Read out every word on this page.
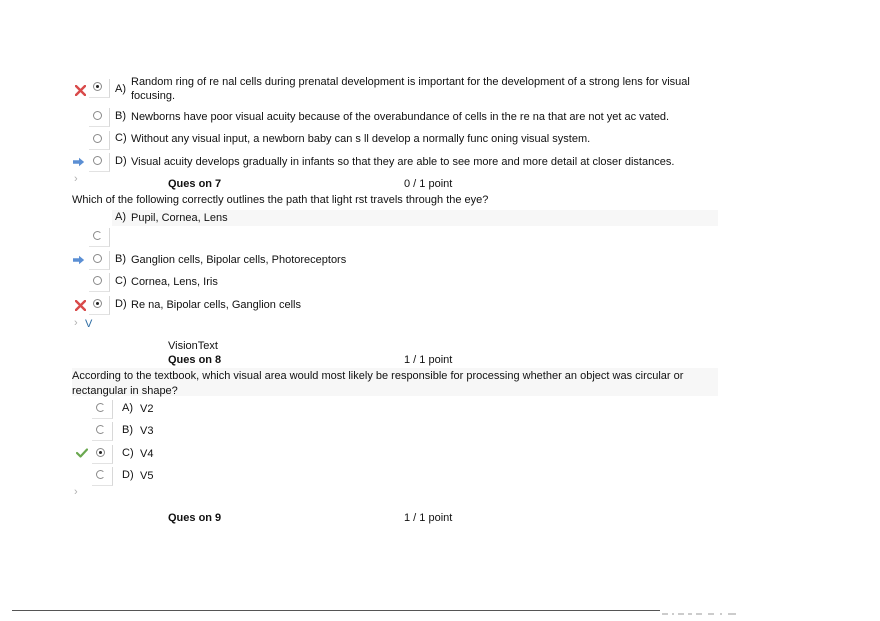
A)
Random ring of re nal cells during prenatal development is important for the development of a strong lens for visual
focusing.
B) Newborns have poor visual acuity because of the overabundance of cells in the re na that are not yet ac vated.
C) Without any visual input, a newborn baby can s ll develop a normally func oning visual system.
D) Visual acuity develops gradually in infants so that they are able to see more and more detail at closer distances.
›	Ques on 7	0 / 1 point
Which of the following correctly outlines the path that light rst travels through the eye?
A) Pupil, Cornea, Lens
B) Ganglion cells, Bipolar cells, Photoreceptors
C) Cornea, Lens, Iris
D) Re na, Bipolar cells, Ganglion cells
› V
VisionText
Ques on 8	1 / 1 point
According to the textbook, which visual area would most likely be responsible for processing whether an object was circular or
rectangular in shape?
A) V2
B) V3
C) V4
D) V5
›
Ques on 9	1 / 1 point
